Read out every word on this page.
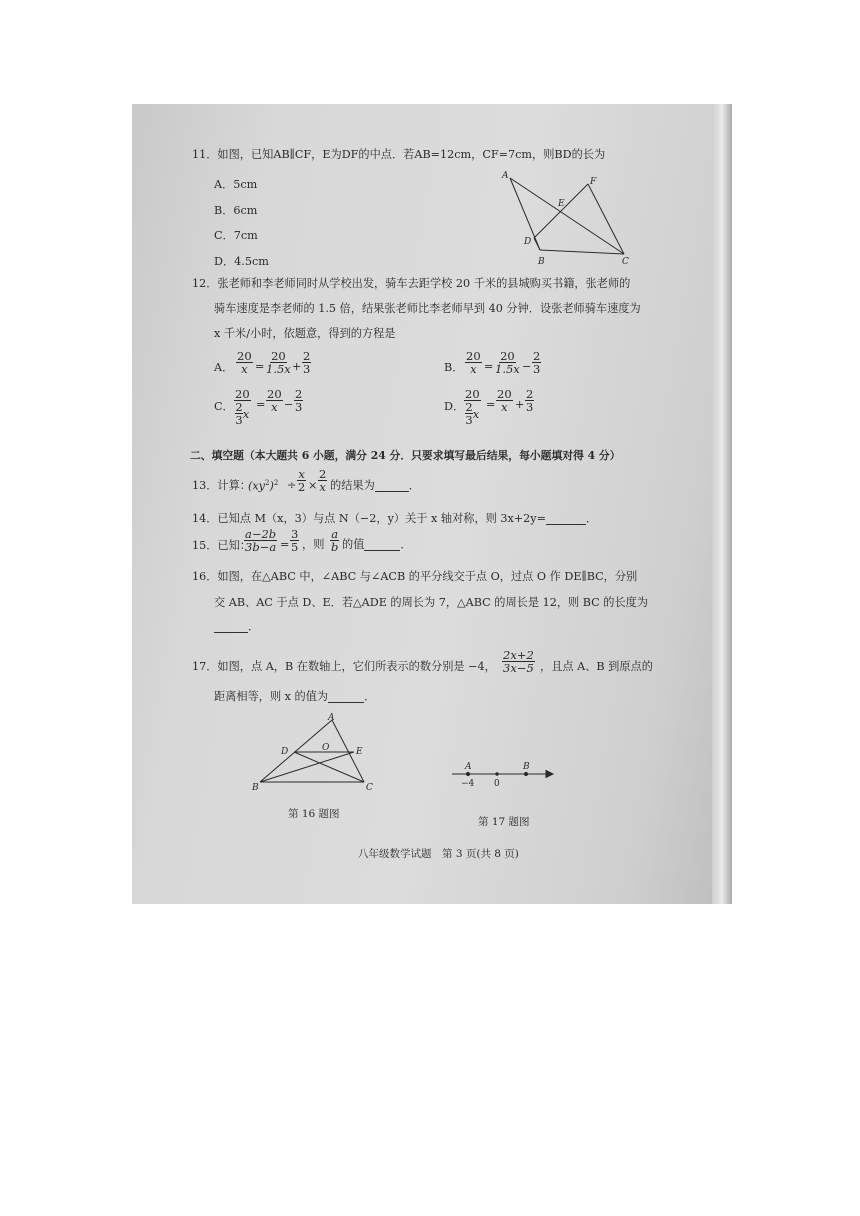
11．如图，已知AB∥CF，E为DF的中点．若AB=12cm，CF=7cm，则BD的长为
A．5cm
B．6cm
C．7cm
D．4.5cm
A
F
E
D
B	C
12．张老师和李老师同时从学校出发，骑车去距学校 20 千米的县城购买书籍，张老师的
骑车速度是李老师的 1.5 倍，结果张老师比李老师早到 40 分钟．设张老师骑车速度为
x 千米/小时，依题意，得到的方程是
A． $\frac{20}{x} = \frac{20}{1.5x} + \frac{2}{3}$	B． $\frac{20}{x} = \frac{20}{1.5x} - \frac{2}{3}$
C． 20
2
3 $x = \frac{20}{x} - \frac{2}{3}$	D． 20
2
3 $x = \frac{20}{x} + \frac{2}{3}$
二、填空题（本大题共 6 小题，满分 24 分．只要求填写最后结果，每小题填对得 4 分）
13．计算：
$(xy^2)^2 \div \frac{x}{2} \times \frac{2}{x}$ 的结果为	．
14．已知点 M（x，3）与点 N（−2，y）关于 x 轴对称，则 3x+2y=	．
15．已知：
$\frac{a-2b}{3b-a} = \frac{3}{5}$ ，则 $\frac{a}{b}$ 的值	．
16．如图，在△ABC 中，∠ABC 与∠ACB 的平分线交于点 O，过点 O 作 DE∥BC，分别
交 AB、AC 于点 D、E．若△ADE 的周长为 7，△ABC 的周长是 12，则 BC 的长度为
．
17．如图，点 A，B 在数轴上，它们所表示的数分别是 −4， $\frac{2x+2}{3x-5}$ ，且点 A、B 到原点的
距离相等，则 x 的值为	．
A
D	O	E
B	C
第 16 题图
A	B
−4 0
第 17 题图
八年级数学试题　第 3 页(共 8 页)
